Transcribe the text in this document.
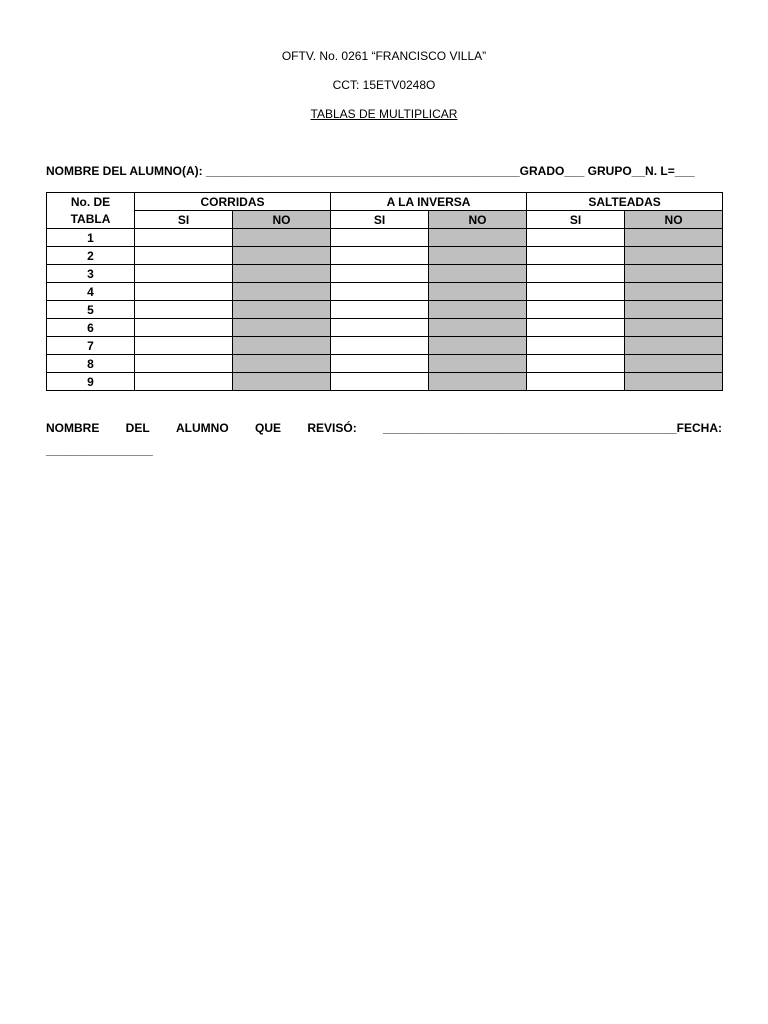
OFTV. No. 0261 “FRANCISCO VILLA”
CCT: 15ETV0248O
TABLAS DE MULTIPLICAR
NOMBRE DEL ALUMNO(A): _______________________________________________GRADO___ GRUPO__N. L=___
No. DE
TABLA	CORRIDAS		A LA INVERSA		SALTEADAS	
	SI	NO	SI	NO	SI	NO
1						
2						
3						
4						
5						
6						
7						
8						
9						
NOMBRE DEL ALUMNO QUE REVISÓ: ____________________________________________FECHA:
________________
